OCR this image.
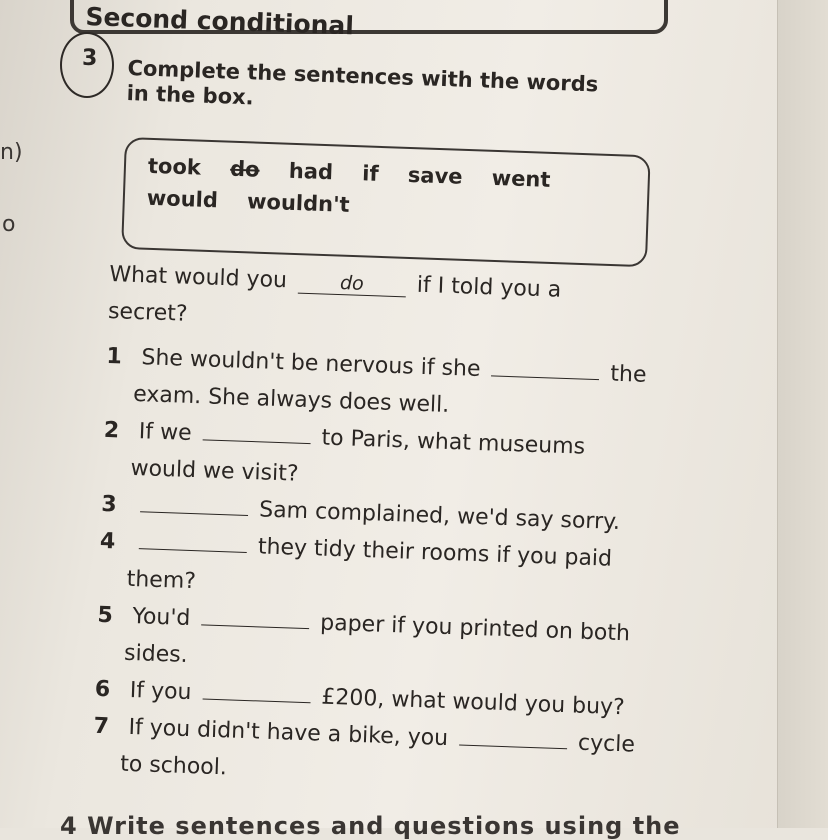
Second conditional
3 Complete the sentences with the words in the box.
n)
o
took do had if save went
would wouldn't
What would you	do if I told you a
secret?
1 She wouldn't be nervous if she	the
exam. She always does well.
2 If we	to Paris, what museums
would we visit?
3	Sam complained, we'd say sorry.
4	they tidy their rooms if you paid
them?
5 You'd	paper if you printed on both
sides.
6 If you	£200, what would you buy?
7 If you didn't have a bike, you	cycle
to school.
4 Write sentences and questions using the
